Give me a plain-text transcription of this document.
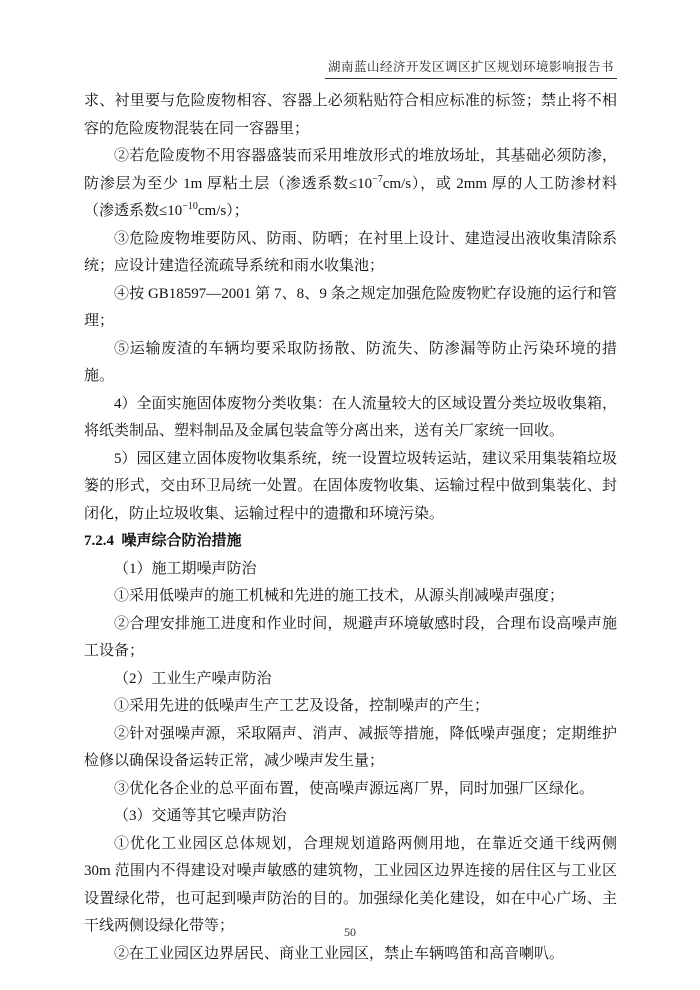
湖南蓝山经济开发区调区扩区规划环境影响报告书

求、衬里要与危险废物相容、容器上必须粘贴符合相应标准的标签；禁止将不相容的危险废物混装在同一容器里；

②若危险废物不用容器盛装而采用堆放形式的堆放场址，其基础必须防渗，防渗层为至少 1m 厚粘土层（渗透系数$\le 10^{-7}cm/s$），或 2mm 厚的人工防渗材料（渗透系数$\le 10^{-10}cm/s$）；

③危险废物堆要防风、防雨、防晒；在衬里上设计、建造浸出液收集清除系统；应设计建造径流疏导系统和雨水收集池；

④按 GB18597—2001 第 7、8、9 条之规定加强危险废物贮存设施的运行和管理；

⑤运输废渣的车辆均要采取防扬散、防流失、防渗漏等防止污染环境的措施。

4）全面实施固体废物分类收集：在人流量较大的区域设置分类垃圾收集箱，将纸类制品、塑料制品及金属包装盒等分离出来，送有关厂家统一回收。

5）园区建立固体废物收集系统，统一设置垃圾转运站，建议采用集装箱垃圾篓的形式，交由环卫局统一处置。在固体废物收集、运输过程中做到集装化、封闭化，防止垃圾收集、运输过程中的遗撒和环境污染。

7.2.4  噪声综合防治措施

（1）施工期噪声防治

①采用低噪声的施工机械和先进的施工技术，从源头削减噪声强度；

②合理安排施工进度和作业时间，规避声环境敏感时段，合理布设高噪声施工设备；

（2）工业生产噪声防治

①采用先进的低噪声生产工艺及设备，控制噪声的产生；

②针对强噪声源，采取隔声、消声、减振等措施，降低噪声强度；定期维护检修以确保设备运转正常，减少噪声发生量；

③优化各企业的总平面布置，使高噪声源远离厂界，同时加强厂区绿化。

（3）交通等其它噪声防治

①优化工业园区总体规划，合理规划道路两侧用地，在靠近交通干线两侧 30m 范围内不得建设对噪声敏感的建筑物，工业园区边界连接的居住区与工业区设置绿化带，也可起到噪声防治的目的。加强绿化美化建设，如在中心广场、主干线两侧设绿化带等；

②在工业园区边界居民、商业工业园区，禁止车辆鸣笛和高音喇叭。

50
